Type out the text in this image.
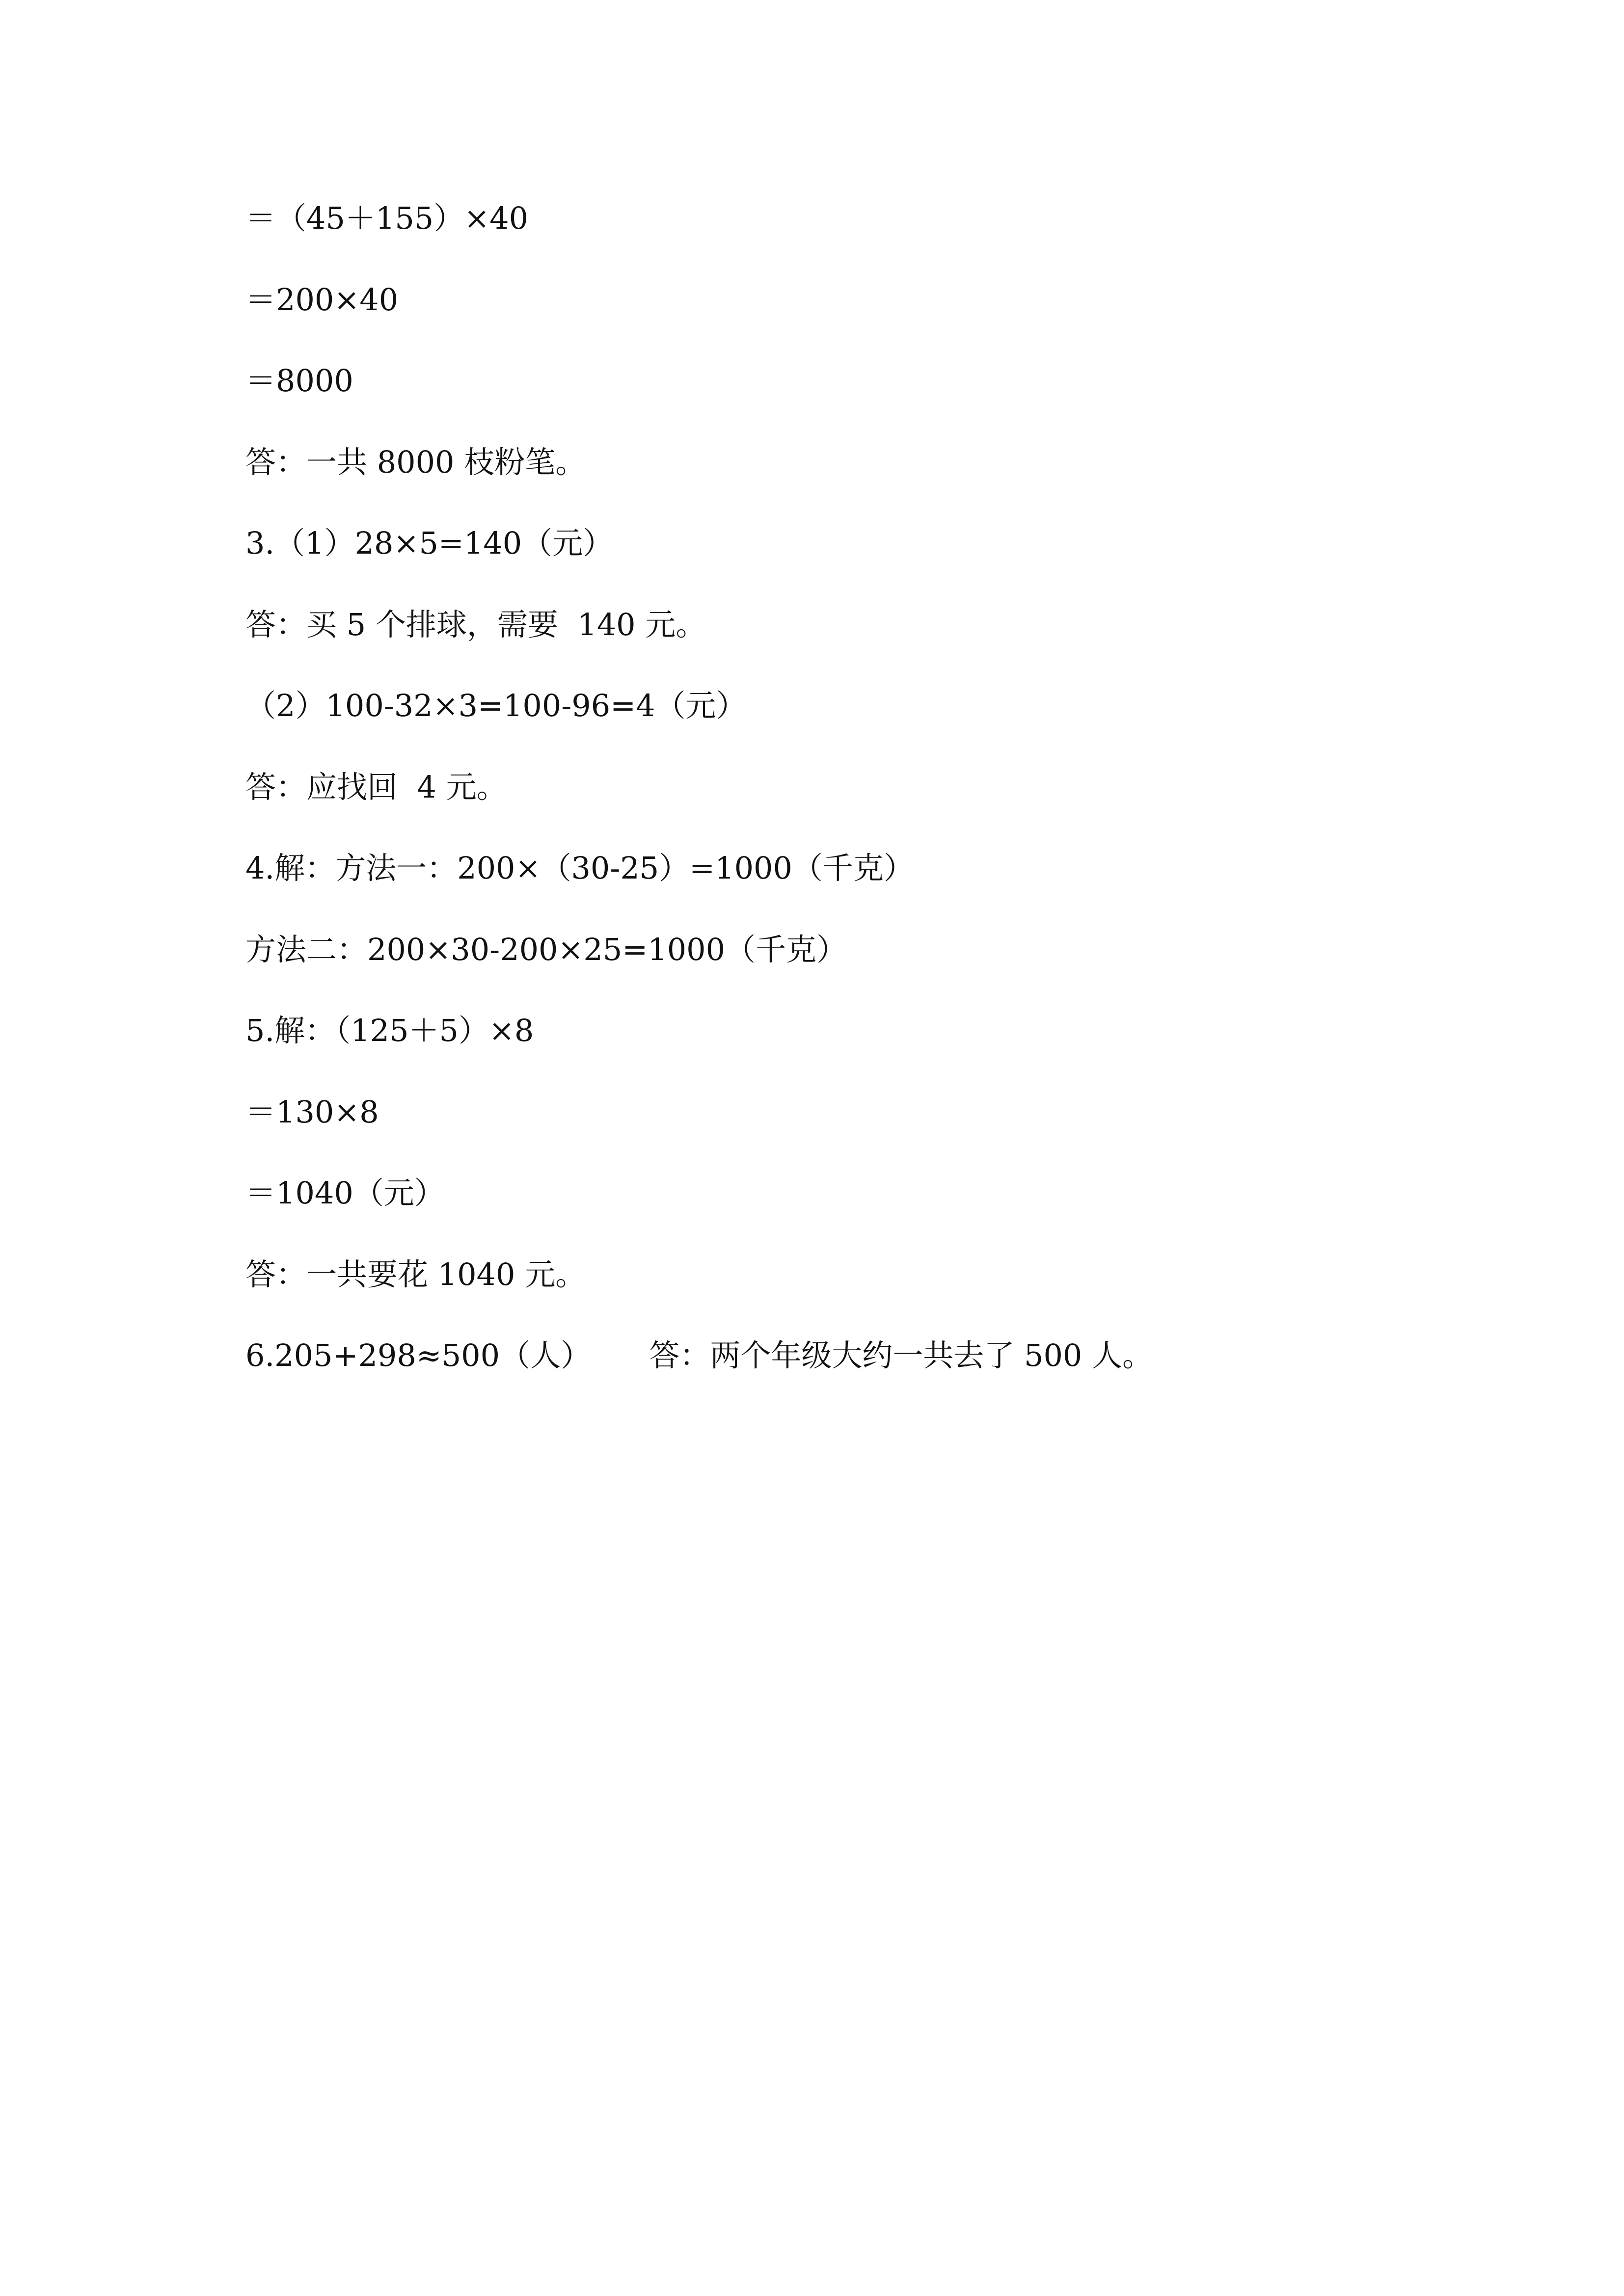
＝（45＋155）×40
＝200×40
＝8000
答：一共 8000 枝粉笔。
3.（1）28×5=140（元）
答：买 5 个排球，需要  140 元。
（2）100-32×3=100-96=4（元）
答：应找回  4 元。
4.解：方法一：200×（30-25）=1000（千克）
方法二：200×30-200×25=1000（千克）
5.解：（125＋5）×8
＝130×8
＝1040（元）
答：一共要花 1040 元。
6.205+298≈500（人）      答：两个年级大约一共去了 500 人。
